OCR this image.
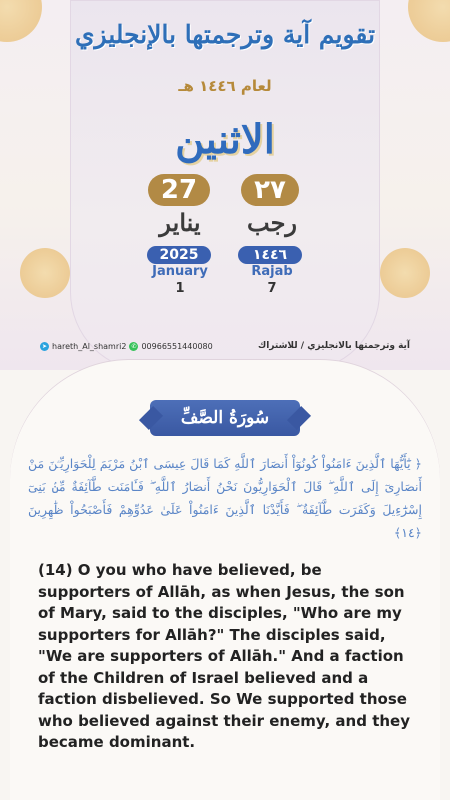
تقويم آية وترجمتها بالإنجليزي
لعام ١٤٤٦ هـ
الاثنين
27	٢٧
يناير	رجب
2025	١٤٤٦
January	Rajab
1	7
➤ hareth_Al_shamri2 ✆ 00966551440080	آية وترجمتها بالانجليزي / للاشتراك
سُورَةُ الصَّفِّ
﴿ يَٰٓأَيُّهَا ٱلَّذِينَ ءَامَنُواْ كُونُوٓاْ أَنصَارَ ٱللَّهِ كَمَا قَالَ عِيسَى ٱبْنُ مَرْيَمَ لِلْحَوَارِيِّـۧنَ مَنْ أَنصَارِىٓ إِلَى ٱللَّهِ ۖ قَالَ ٱلْحَوَارِيُّونَ نَحْنُ أَنصَارُ ٱللَّهِ ۖ فَـَٔامَنَت طَّآئِفَةٌ مِّنۢ بَنِىٓ إِسْرَٰٓءِيلَ وَكَفَرَت طَّآئِفَةٌ ۖ فَأَيَّدْنَا ٱلَّذِينَ ءَامَنُواْ عَلَىٰ عَدُوِّهِمْ فَأَصْبَحُواْ ظَٰهِرِينَ ﴿١٤﴾
(14) O you who have believed, be supporters of Allāh, as when Jesus, the son of Mary, said to the disciples, "Who are my supporters for Allāh?" The disciples said, "We are supporters of Allāh." And a faction of the Children of Israel believed and a faction disbelieved. So We supported those who believed against their enemy, and they became dominant.
